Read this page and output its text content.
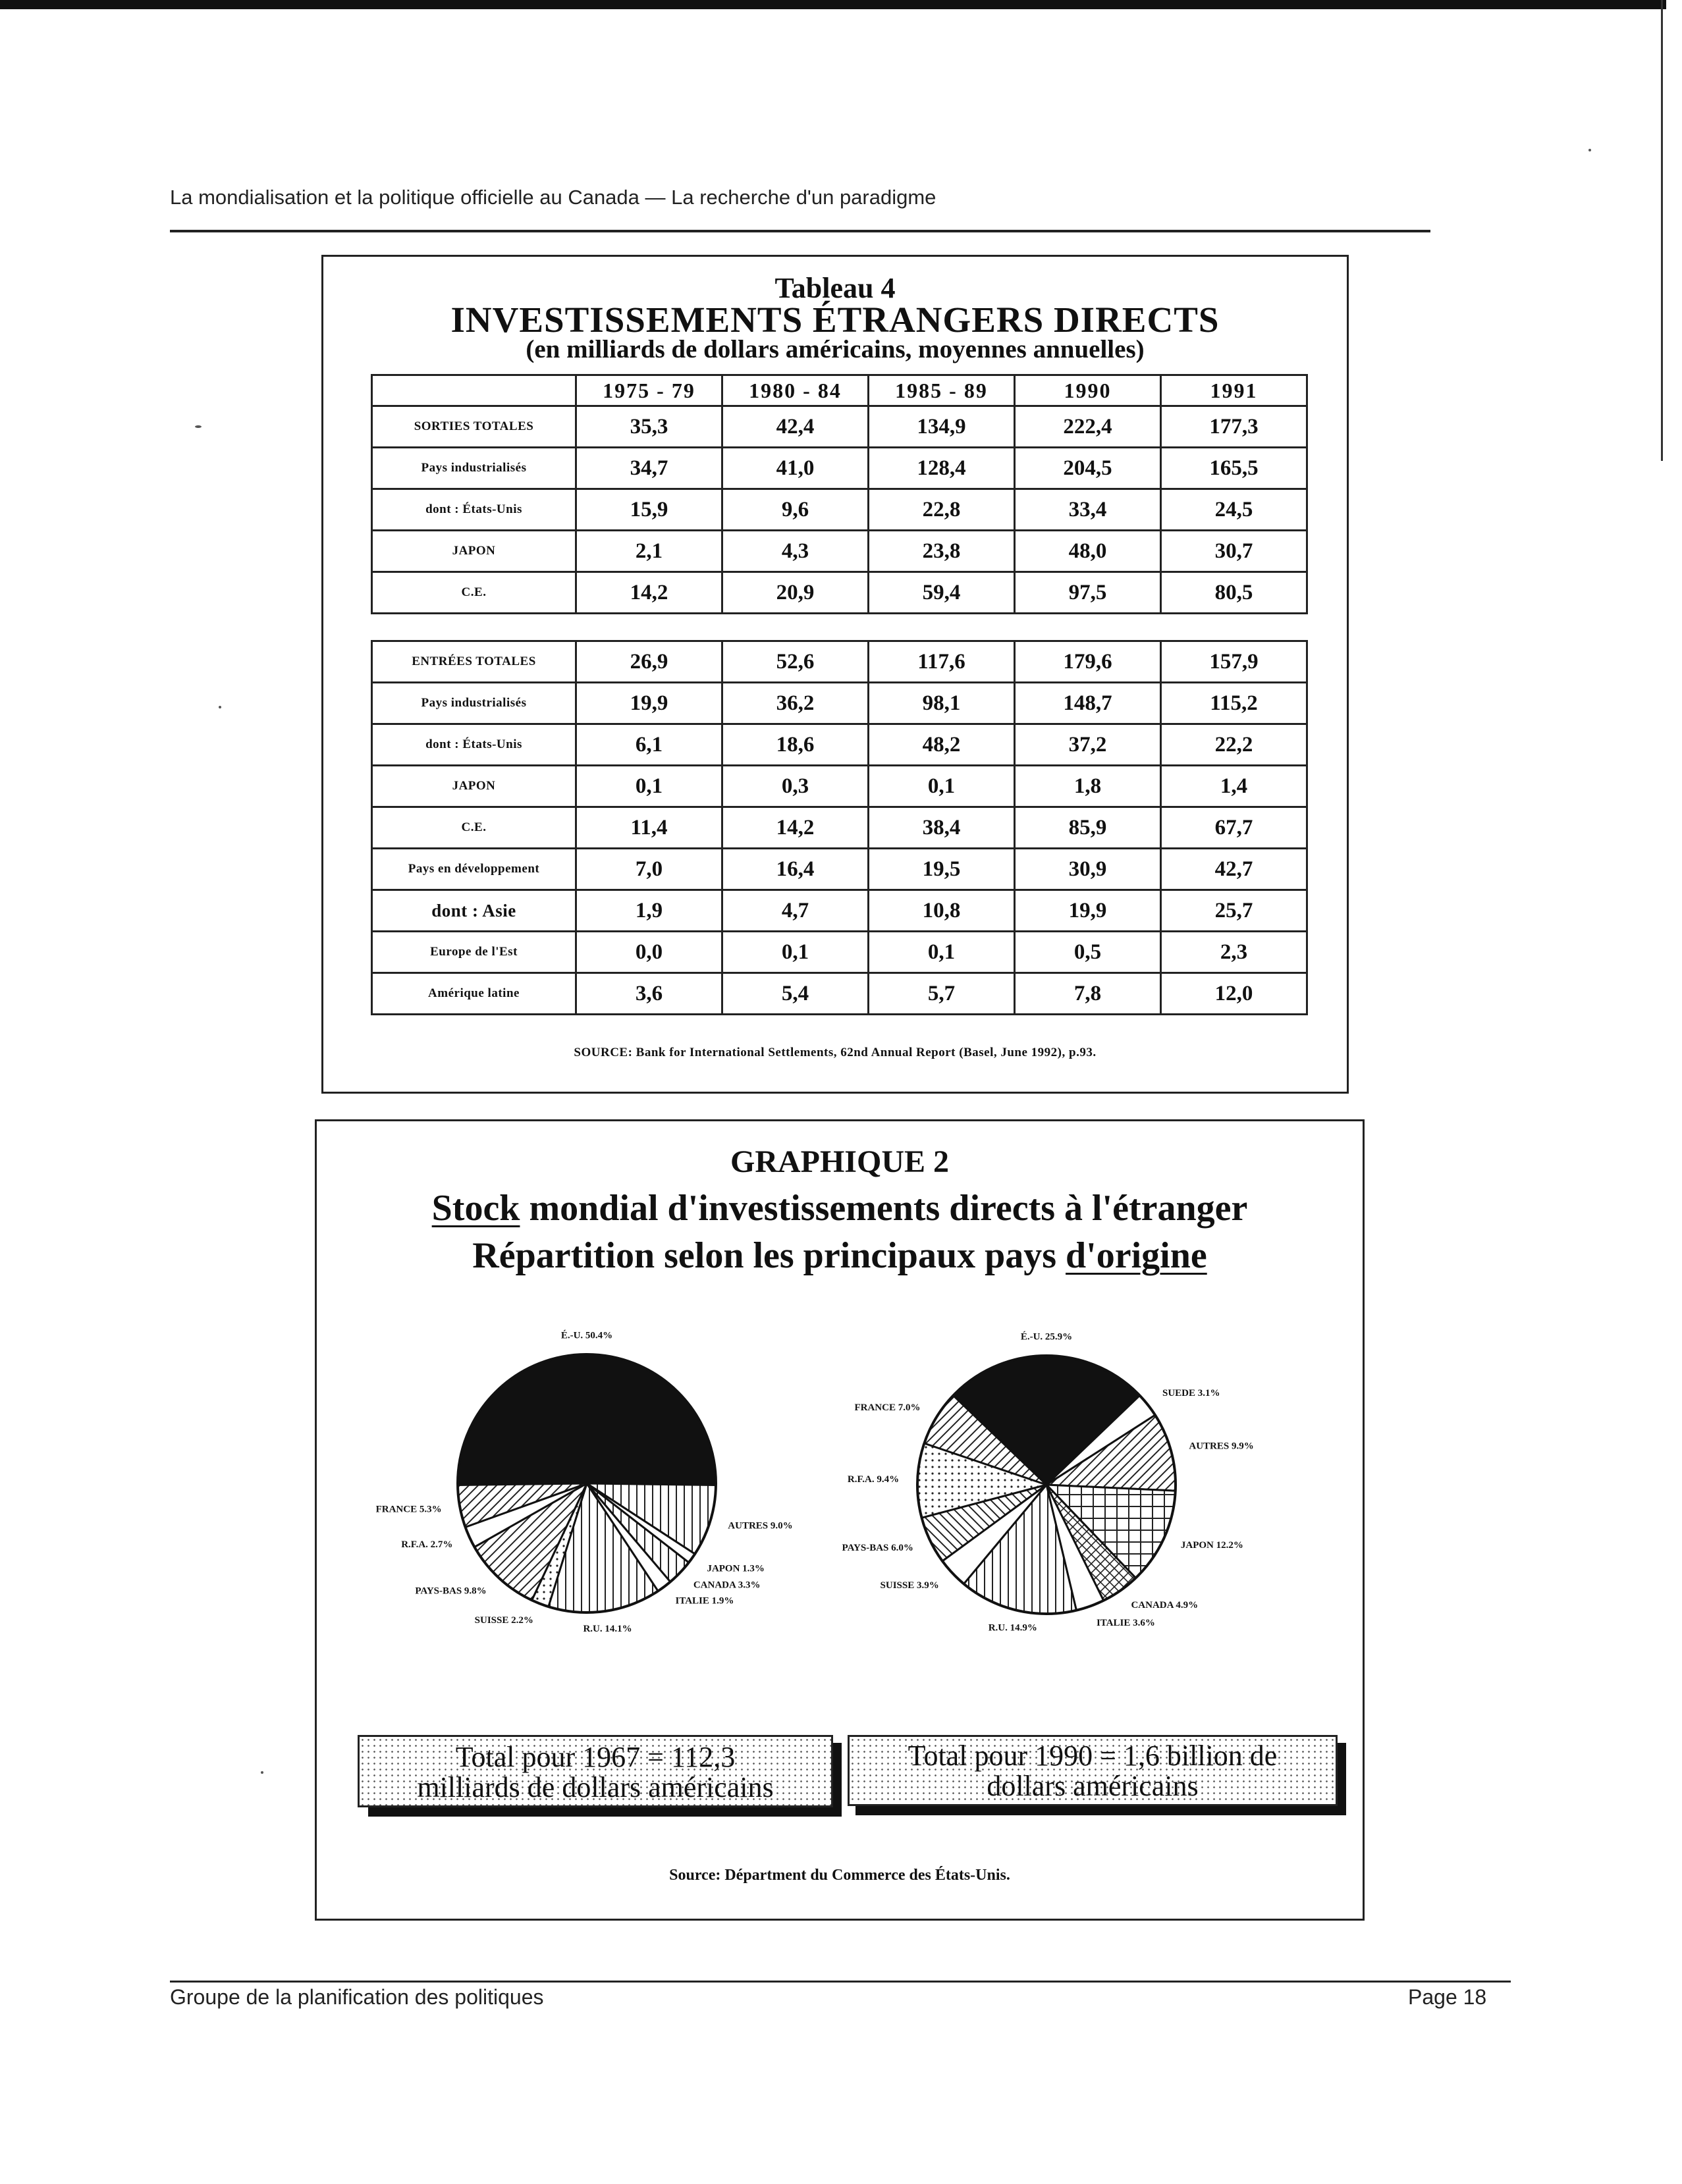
La mondialisation et la politique officielle au Canada — La recherche d'un paradigme
Tableau 4
INVESTISSEMENTS ÉTRANGERS DIRECTS
(en milliards de dollars américains, moyennes annuelles)
	1975 - 79	1980 - 84	1985 - 89	1990	1991
SORTIES TOTALES	35,3	42,4	134,9	222,4	177,3
Pays industrialisés	34,7	41,0	128,4	204,5	165,5
dont : États-Unis	15,9	9,6	22,8	33,4	24,5
JAPON	2,1	4,3	23,8	48,0	30,7
C.E.	14,2	20,9	59,4	97,5	80,5
ENTRÉES TOTALES	26,9	52,6	117,6	179,6	157,9
Pays industrialisés	19,9	36,2	98,1	148,7	115,2
dont : États-Unis	6,1	18,6	48,2	37,2	22,2
JAPON	0,1	0,3	0,1	1,8	1,4
C.E.	11,4	14,2	38,4	85,9	67,7
Pays en développement	7,0	16,4	19,5	30,9	42,7
dont : Asie	1,9	4,7	10,8	19,9	25,7
Europe de l'Est	0,0	0,1	0,1	0,5	2,3
Amérique latine	3,6	5,4	5,7	7,8	12,0
SOURCE: Bank for International Settlements, 62nd Annual Report (Basel, June 1992), p.93.
GRAPHIQUE 2
Stock mondial d'investissements directs à l'étranger
Répartition selon les principaux pays d'origine
É.-U. 50.4%
AUTRES 9.0%
JAPON 1.3%
CANADA 3.3%
ITALIE 1.9%
R.U. 14.1%
SUISSE 2.2%
PAYS-BAS 9.8%
R.F.A. 2.7%
FRANCE 5.3%
É.-U. 25.9%
SUEDE 3.1%
AUTRES 9.9%
JAPON 12.2%
CANADA 4.9%
ITALIE 3.6%
R.U. 14.9%
SUISSE 3.9%
PAYS-BAS 6.0%
R.F.A. 9.4%
FRANCE 7.0%
Total pour 1967 = 112,3
milliards de dollars américains
Total pour 1990 = 1,6 billion de
dollars américains
Source: Départment du Commerce des États-Unis.
Groupe de la planification des politiques	Page 18
